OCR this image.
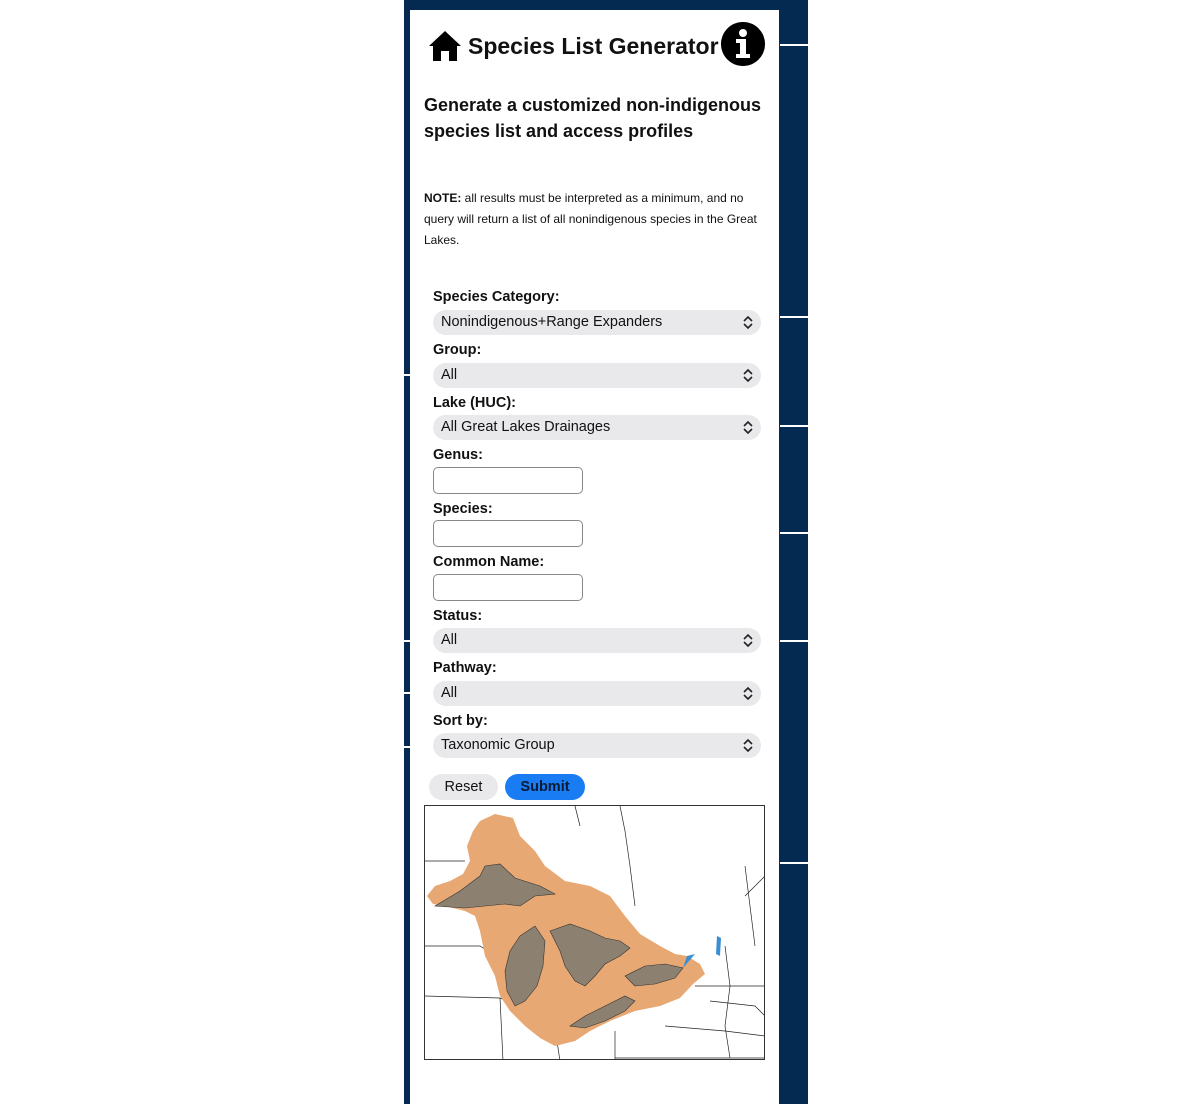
Species List Generator
Generate a customized non-indigenous species list and access profiles
NOTE: all results must be interpreted as a minimum, and no query will return a list of all nonindigenous species in the Great Lakes.
Species Category:
Nonindigenous+Range Expanders
Group:
All
Lake (HUC):
All Great Lakes Drainages
Genus:
Species:
Common Name:
Status:
All
Pathway:
All
Sort by:
Taxonomic Group
Reset	Submit
